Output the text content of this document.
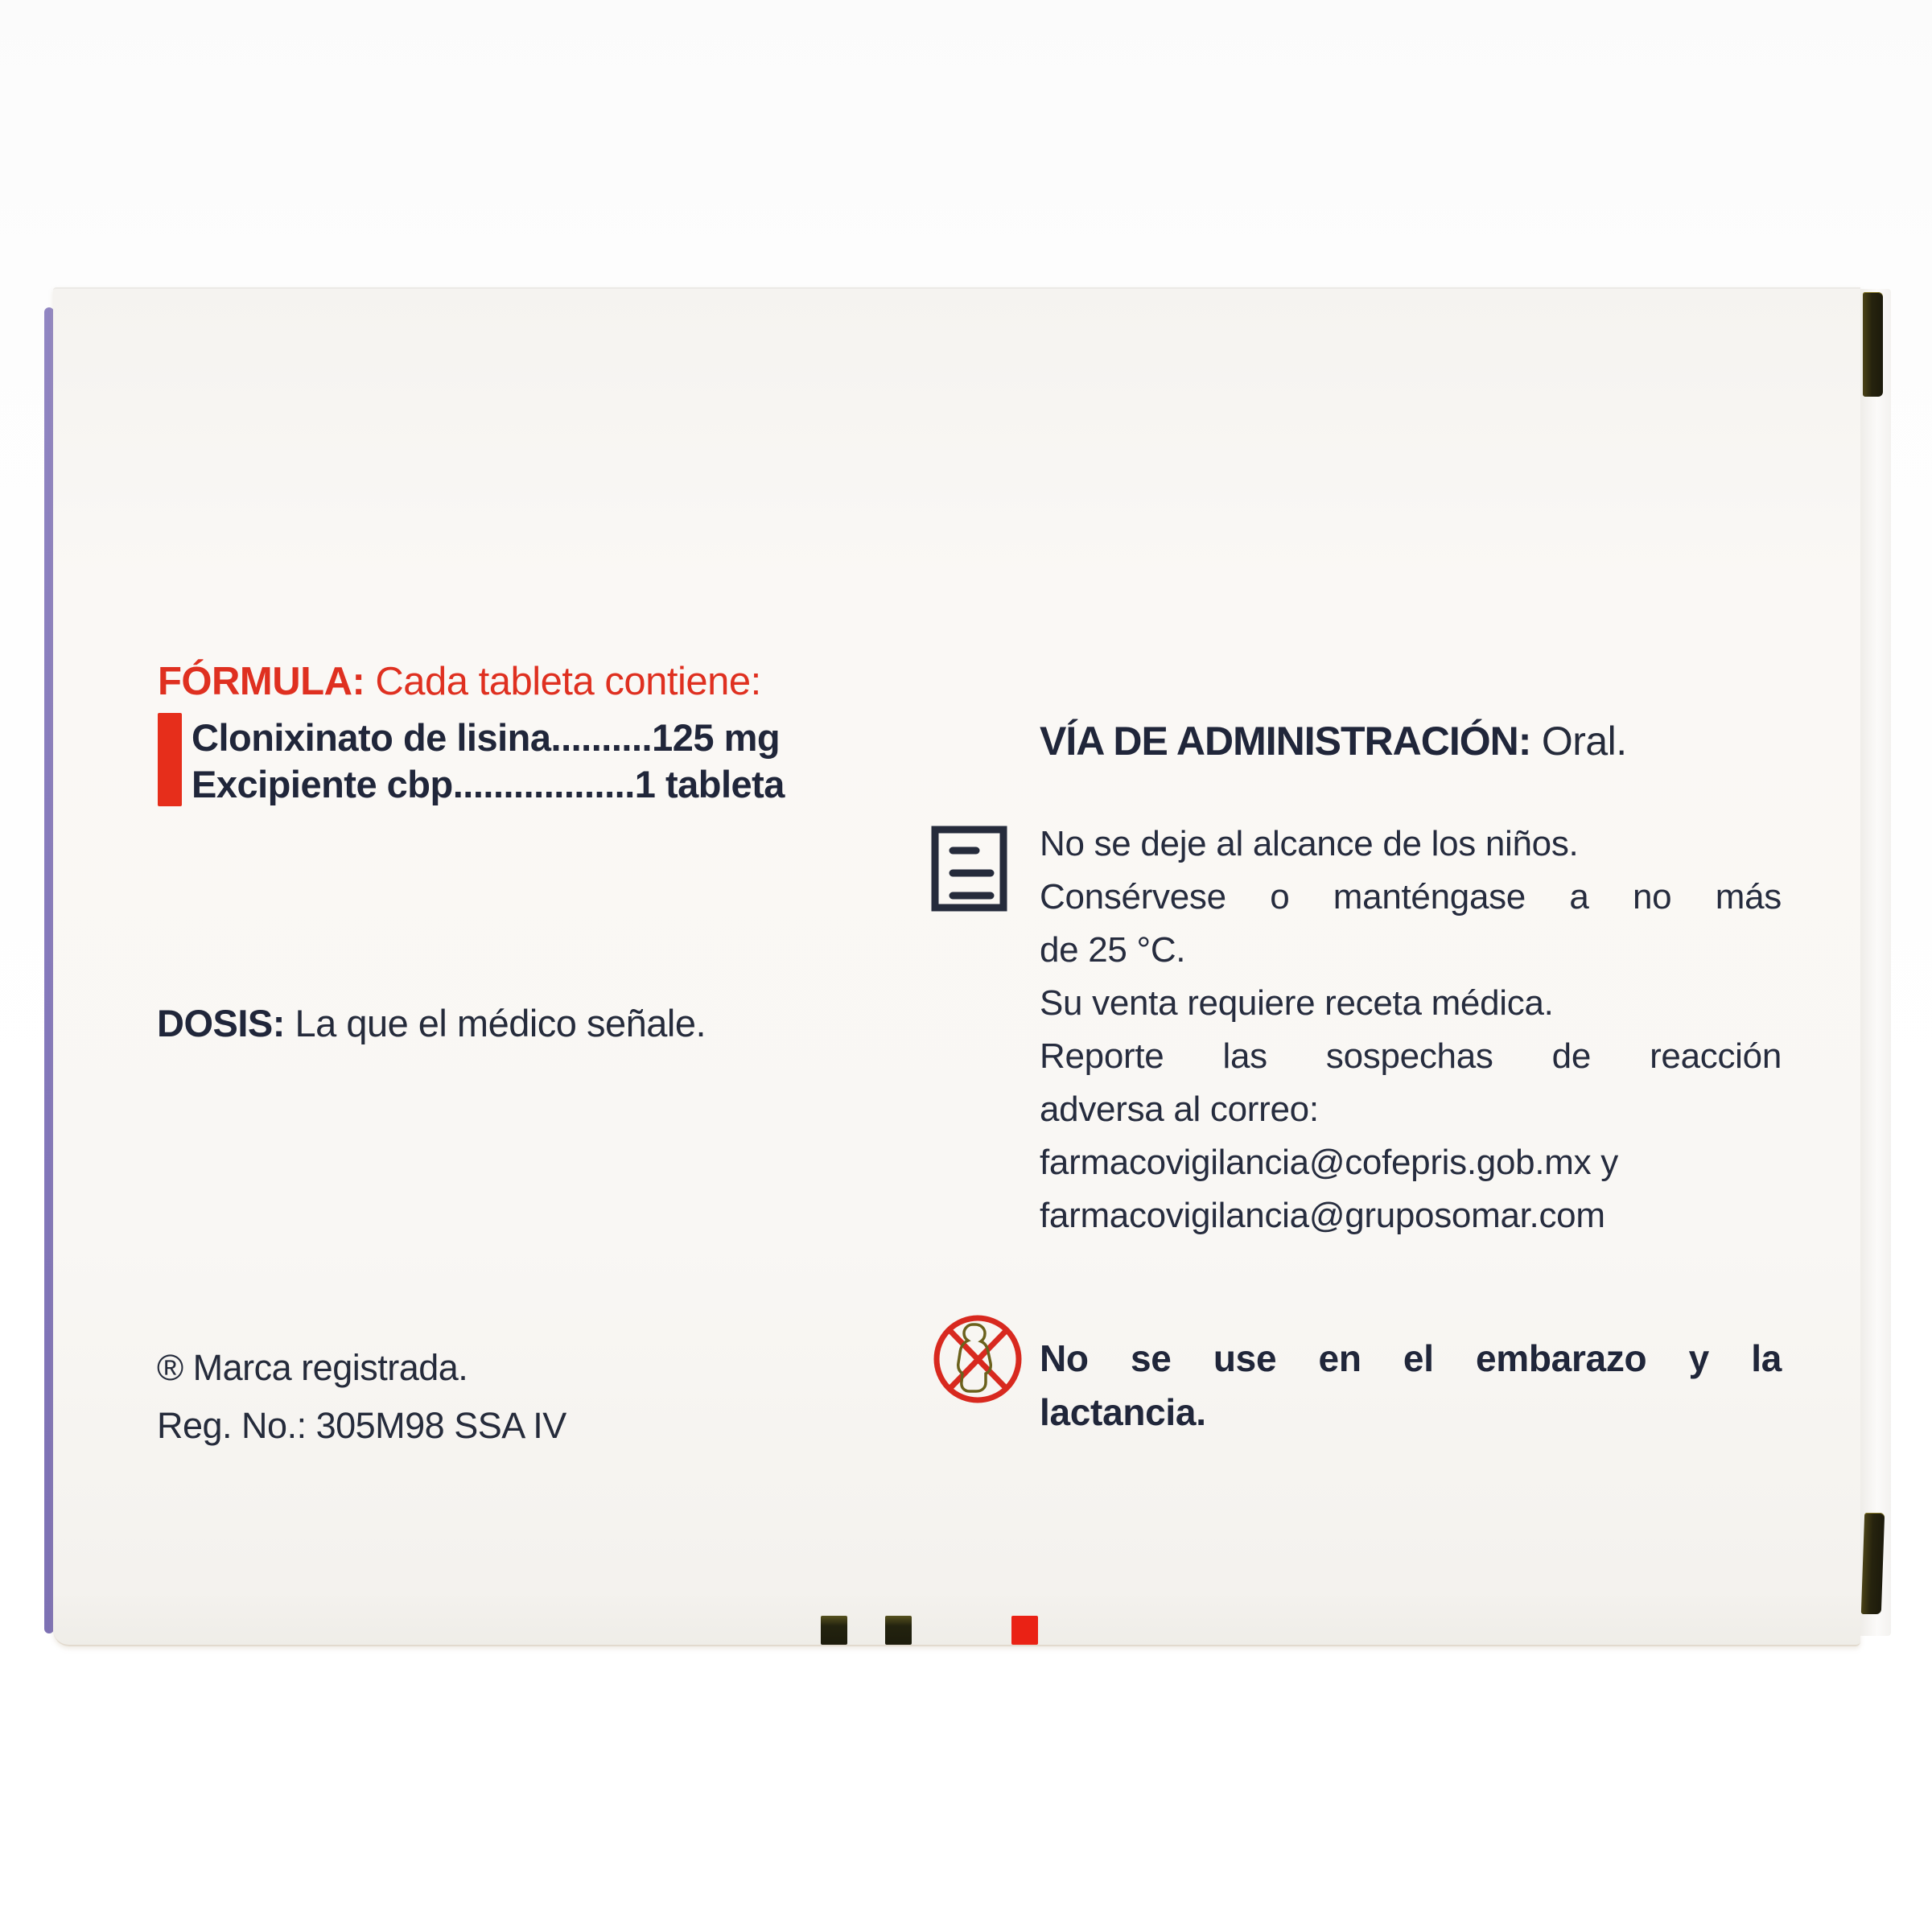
FÓRMULA: Cada tableta contiene:
Clonixinato de lisina..........125 mg
Excipiente cbp..................1 tableta
DOSIS: La que el médico señale.
® Marca registrada.
Reg. No.: 305M98 SSA IV
VÍA DE ADMINISTRACIÓN: Oral.
No se deje al alcance de los niños.
Consérvese o manténgase a no más
de 25 °C.
Su venta requiere receta médica.
Reporte las sospechas de reacción
adversa al correo:
farmacovigilancia@cofepris.gob.mx y
farmacovigilancia@gruposomar.com
No se use en el embarazo y la
lactancia.
